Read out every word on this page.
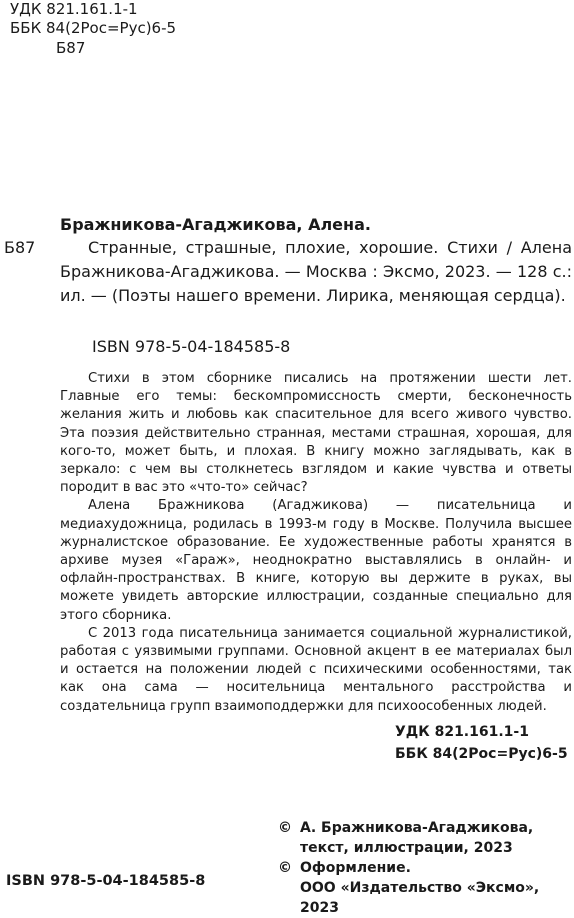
УДК 821.161.1-1
ББК 84(2Рос=Рус)6-5
Б87
Бражникова-Агаджикова, Алена.
Б87	Странные, страшные, плохие, хорошие. Стихи / Алена Бражникова-Агаджикова. — Москва : Эксмо, 2023. — 128 с.: ил. — (Поэты нашего времени. Лирика, меняющая сердца).
ISBN 978-5-04-184585-8

Стихи в этом сборнике писались на протяжении шести лет. Главные его темы: бескомпромиссность смерти, бесконечность желания жить и любовь как спасительное для всего живого чувство. Эта поэзия действительно странная, местами страшная, хорошая, для кого-то, может быть, и плохая. В книгу можно заглядывать, как в зеркало: с чем вы столкнетесь взглядом и какие чувства и ответы породит в вас это «что-то» сейчас?

Алена Бражникова (Агаджикова) — писательница и медиахудожница, родилась в 1993-м году в Москве. Получила высшее журналистское образование. Ее художественные работы хранятся в архиве музея «Гараж», неоднократно выставлялись в онлайн- и офлайн-пространствах. В книге, которую вы держите в руках, вы можете увидеть авторские иллюстрации, созданные специально для этого сборника.

С 2013 года писательница занимается социальной журналистикой, работая с уязвимыми группами. Основной акцент в ее материалах был и остается на положении людей с психическими особенностями, так как она сама — носительница ментального расстройства и создательница групп взаимоподдержки для психоособенных людей.

УДК 821.161.1-1
ББК 84(2Рос=Рус)6-5
© А. Бражникова-Агаджикова,
текст, иллюстрации, 2023
© Оформление.
ООО «Издательство «Эксмо», 2023
ISBN 978-5-04-184585-8
